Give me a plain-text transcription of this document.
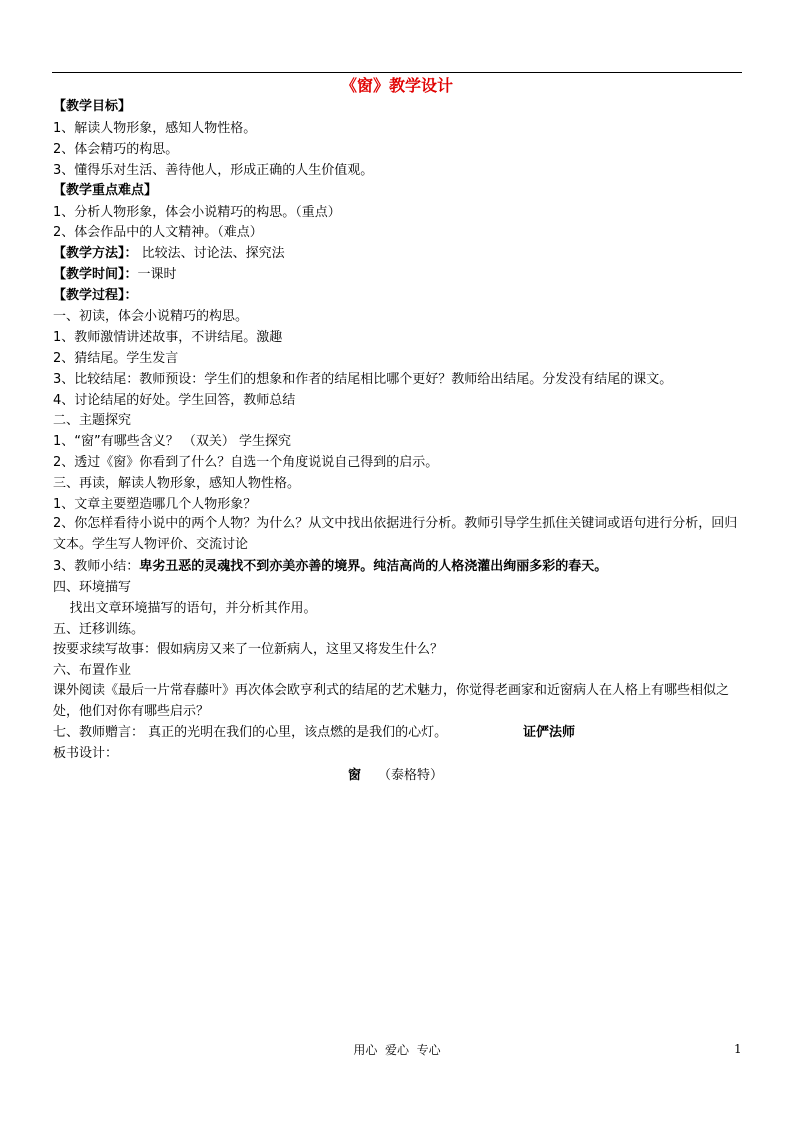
《窗》教学设计
【教学目标】
1、解读人物形象，感知人物性格。
2、体会精巧的构思。
3、懂得乐对生活、善待他人，形成正确的人生价值观。
【教学重点难点】
1、分析人物形象，体会小说精巧的构思。（重点）
2、体会作品中的人文精神。（难点）
【教学方法】： 比较法、讨论法、探究法
【教学时间】：一课时
【教学过程】：
一、初读，体会小说精巧的构思。
1、教师激情讲述故事，不讲结尾。激趣
2、猜结尾。学生发言
3、比较结尾：教师预设：学生们的想象和作者的结尾相比哪个更好？教师给出结尾。分发没有结尾的课文。
4、讨论结尾的好处。学生回答，教师总结
二、主题探究
1、“窗”有哪些含义？ （双关） 学生探究
2、透过《窗》你看到了什么？自选一个角度说说自己得到的启示。
三、再读，解读人物形象，感知人物性格。
1、文章主要塑造哪几个人物形象？
2、你怎样看待小说中的两个人物？为什么？从文中找出依据进行分析。教师引导学生抓住关键词或语句进行分析，回归文本。学生写人物评价、交流讨论
3、教师小结：卑劣丑恶的灵魂找不到亦美亦善的境界。纯洁高尚的人格浇灌出绚丽多彩的春天。
四、环境描写
找出文章环境描写的语句，并分析其作用。
五、迁移训练。
按要求续写故事：假如病房又来了一位新病人，这里又将发生什么？
六、布置作业
课外阅读《最后一片常春藤叶》再次体会欧亨利式的结尾的艺术魅力，你觉得老画家和近窗病人在人格上有哪些相似之处，他们对你有哪些启示？
七、教师赠言： 真正的光明在我们的心里，该点燃的是我们的心灯。	证俨法师
板书设计：
窗 （泰格特）
用心  爱心  专心	1
